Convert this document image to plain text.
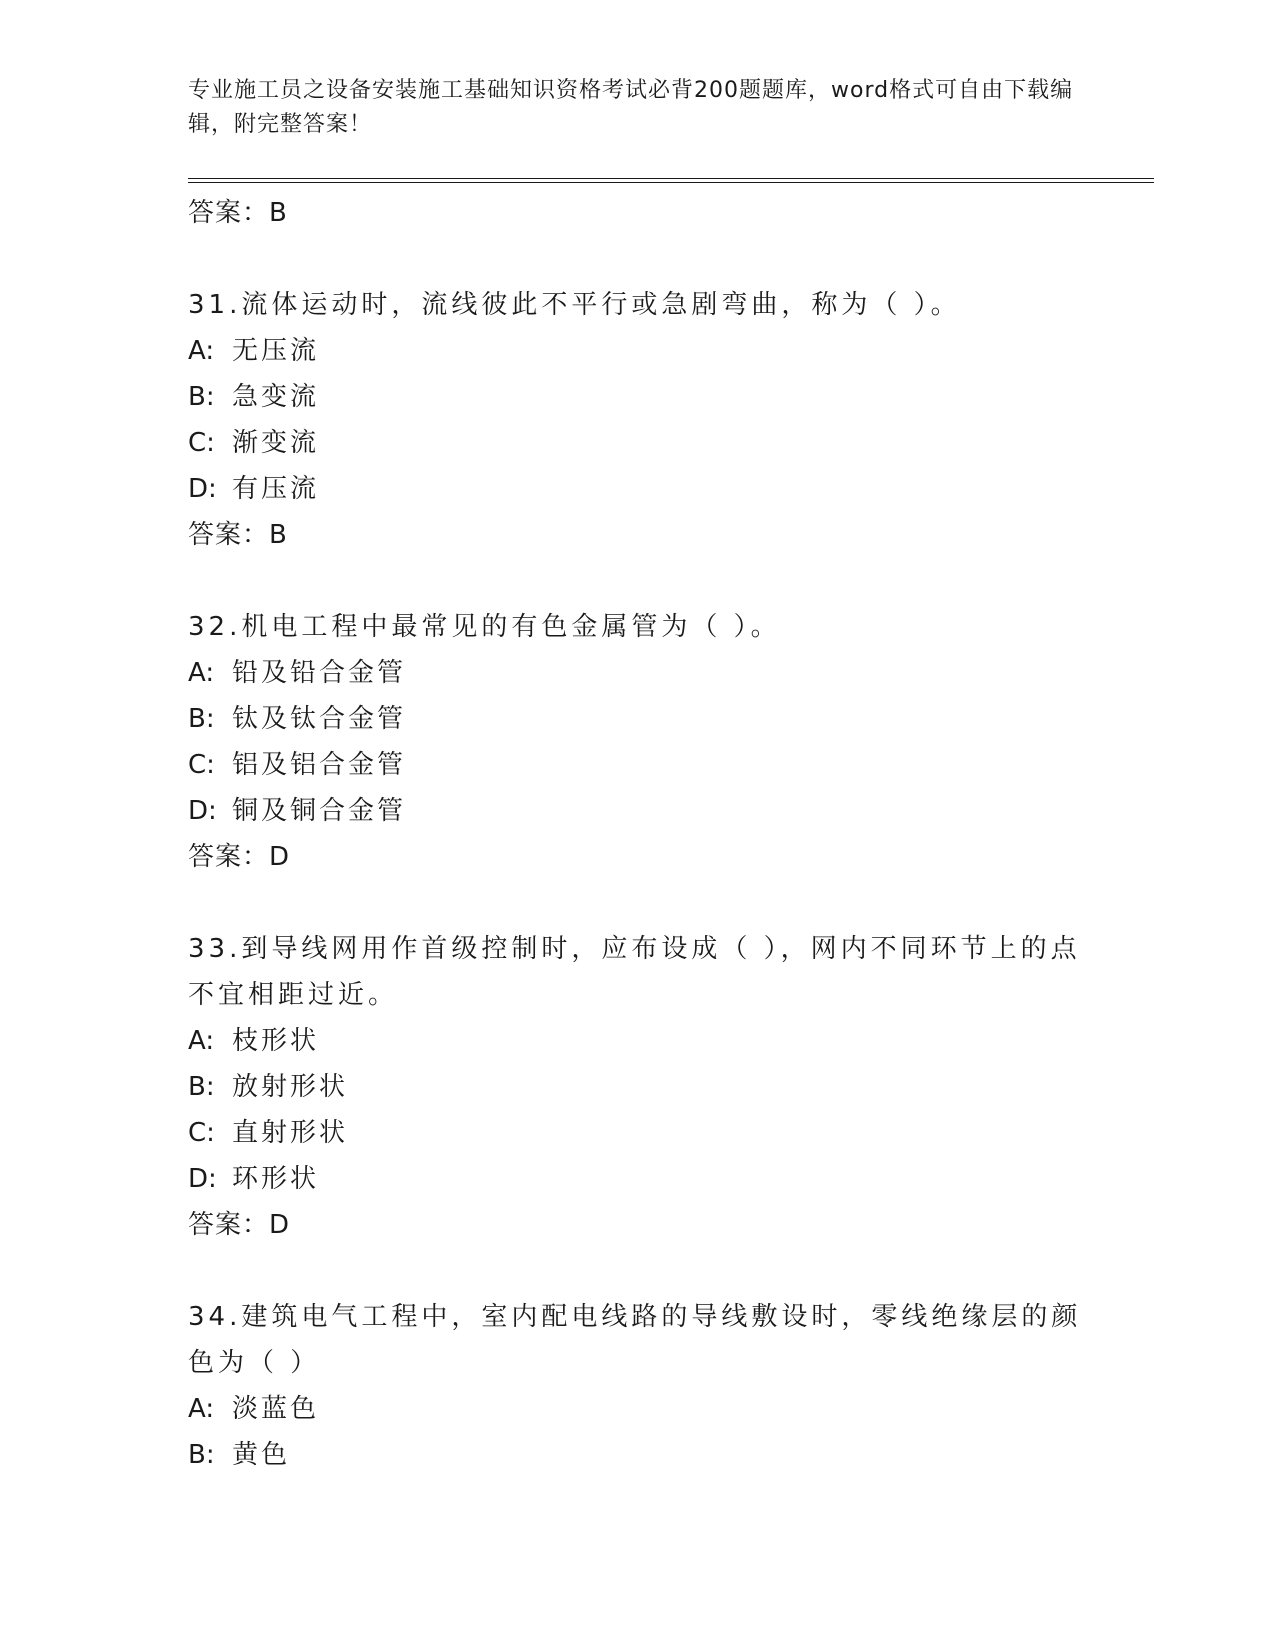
专业施工员之设备安装施工基础知识资格考试必背200题题库，word格式可自由下载编辑，附完整答案！
答案：B

31.流体运动时，流线彼此不平行或急剧弯曲，称为（ ）。

A: 无压流
B: 急变流
C: 渐变流
D: 有压流
答案：B

32.机电工程中最常见的有色金属管为（ ）。

A: 铅及铅合金管
B: 钛及钛合金管
C: 铝及铝合金管
D: 铜及铜合金管
答案：D

33.到导线网用作首级控制时，应布设成（ ），网内不同环节上的点不宜相距过近。

A: 枝形状
B: 放射形状
C: 直射形状
D: 环形状
答案：D

34.建筑电气工程中，室内配电线路的导线敷设时，零线绝缘层的颜色为（ ）

A: 淡蓝色
B: 黄色
